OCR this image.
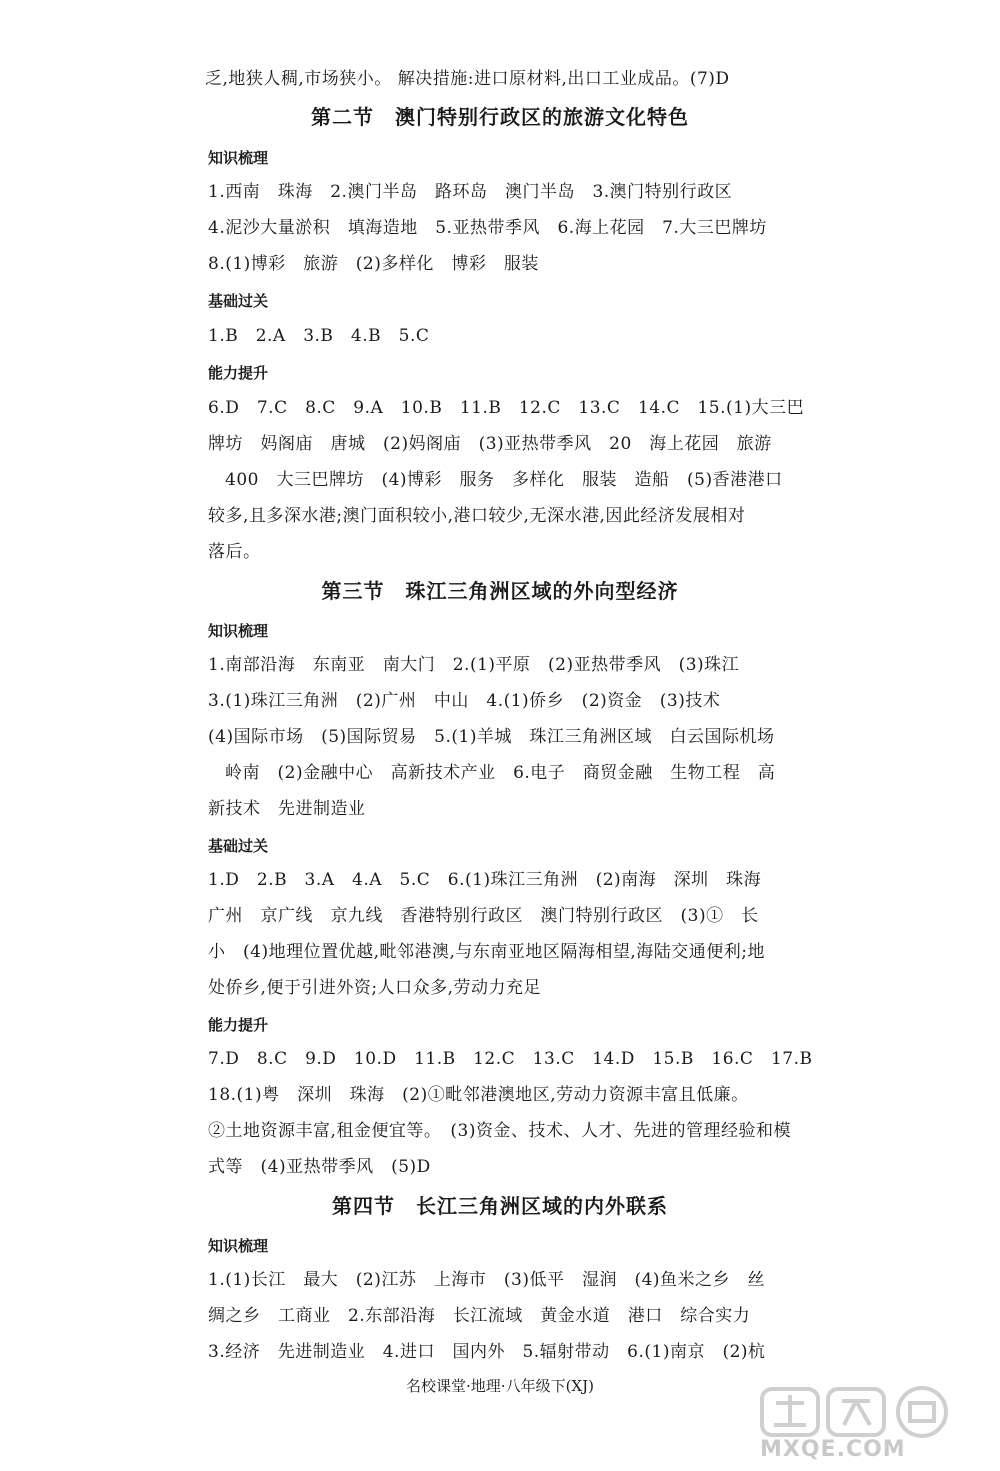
乏,地狭人稠,市场狭小。 解决措施:进口原材料,出口工业成品。(7)D
第二节　澳门特别行政区的旅游文化特色
知识梳理
1.西南　珠海　2.澳门半岛　路环岛　澳门半岛　3.澳门特别行政区
4.泥沙大量淤积　填海造地　5.亚热带季风　6.海上花园　7.大三巴牌坊
8.(1)博彩　旅游　(2)多样化　博彩　服装
基础过关
1.B　2.A　3.B　4.B　5.C
能力提升
6.D　7.C　8.C　9.A　10.B　11.B　12.C　13.C　14.C　15.(1)大三巴
牌坊　妈阁庙　唐城　(2)妈阁庙　(3)亚热带季风　20　海上花园　旅游
400　大三巴牌坊　(4)博彩　服务　多样化　服装　造船　(5)香港港口
较多,且多深水港;澳门面积较小,港口较少,无深水港,因此经济发展相对
落后。
第三节　珠江三角洲区域的外向型经济
知识梳理
1.南部沿海　东南亚　南大门　2.(1)平原　(2)亚热带季风　(3)珠江
3.(1)珠江三角洲　(2)广州　中山　4.(1)侨乡　(2)资金　(3)技术
(4)国际市场　(5)国际贸易　5.(1)羊城　珠江三角洲区域　白云国际机场
岭南　(2)金融中心　高新技术产业　6.电子　商贸金融　生物工程　高
新技术　先进制造业
基础过关
1.D　2.B　3.A　4.A　5.C　6.(1)珠江三角洲　(2)南海　深圳　珠海
广州　京广线　京九线　香港特别行政区　澳门特别行政区　(3)①　长
小　(4)地理位置优越,毗邻港澳,与东南亚地区隔海相望,海陆交通便利;地
处侨乡,便于引进外资;人口众多,劳动力充足
能力提升
7.D　8.C　9.D　10.D　11.B　12.C　13.C　14.D　15.B　16.C　17.B
18.(1)粤　深圳　珠海　(2)①毗邻港澳地区,劳动力资源丰富且低廉。
②土地资源丰富,租金便宜等。　(3)资金、技术、人才、先进的管理经验和模
式等　(4)亚热带季风　(5)D
第四节　长江三角洲区域的内外联系
知识梳理
1.(1)长江　最大　(2)江苏　上海市　(3)低平　湿润　(4)鱼米之乡　丝
绸之乡　工商业　2.东部沿海　长江流域　黄金水道　港口　综合实力
3.经济　先进制造业　4.进口　国内外　5.辐射带动　6.(1)南京　(2)杭
名校课堂·地理·八年级下(XJ)
MXQE.COM
